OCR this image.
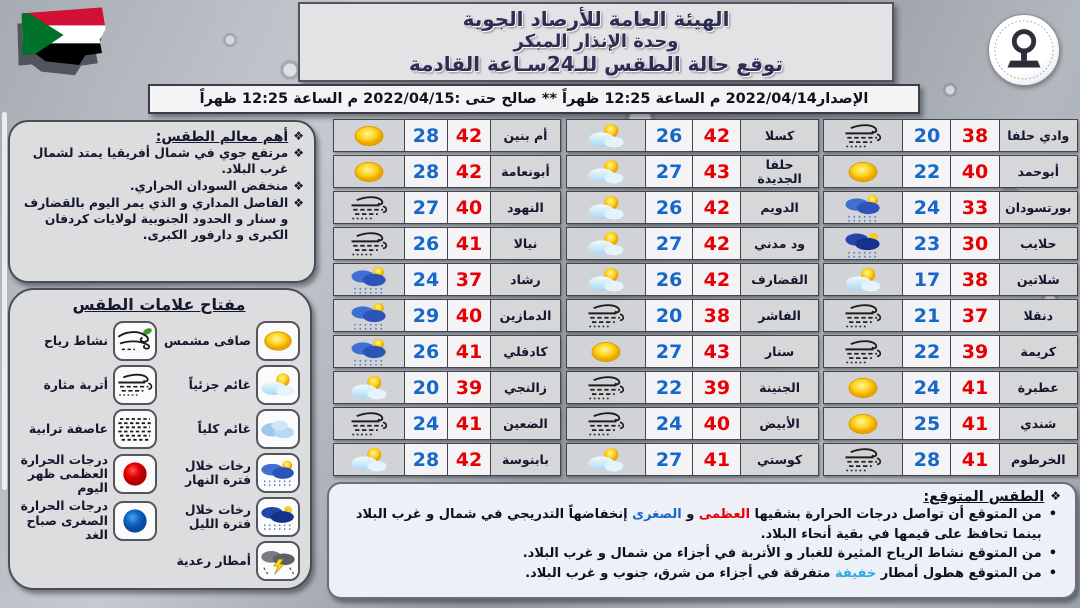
الهيئة العامة للأرصاد الجوية
وحدة الإنذار المبكر
توقع حالة الطقس للـ24سـاعة القادمة
الإصدار2022/04/14 م الساعة 12:25 ظهراً ** صالح حتى :2022/04/15 م الساعة 12:25 ظهراً
❖
أهم معالم الطقس:
❖
مرتفع جوي في شمال أفريقيا يمتد لشمال غرب البلاد.
❖
منخفض السودان الحراري.
❖
الفاصل المداري و الذي يمر اليوم بالقضارف و سنار و الحدود الجنوبية لولايات كردفان الكبرى و دارفور الكبرى.
مفتاح علامات الطقس
صافى مشمس
غائم جزئياً
غائم كلياً
رخات خلال فترة النهار
رخات خلال فترة الليل
أمطار رعدية
نشاط رياح
أتربة مثارة
عاصفة ترابية
درجات الحرارة العظمى ظهر اليوم
درجات الحرارة الصغرى صباح الغد
28 42	أم بنين
28 42	أبونعامة
27 40	النهود
26 41	نيالا
24 37	رشاد
29 40	الدمازين
26 41	كادقلي
20 39	زالنجي
24 41	الضعين
28 42	بابنوسة
26	42	كسلا
27	43	حلفا الجديدة
26	42	الدويم
27	42	ود مدني
26	42	القضارف
20	38	الفاشر
27	43	سنار
22	39	الجنينة
24	40	الأبيض
27	41	كوستي
20	38	وادي حلفا
22	40	أبوحمد
24	33	بورتسودان
23	30	حلايب
17	38	شلاتين
21	37	دنقلا
22	39	كريمة
24	41	عطبرة
25	41	شندي
28	41	الخرطوم
❖
الطقس المتوقع:
•
من المتوقع أن تواصل درجات الحرارة بشقيها العظمى و الصغرى إنخفاضهاً التدريجي في شمال و غرب البلاد بينما تحافظ على قيمها في بقية أنحاء البلاد.
•
من المتوقع نشاط الرياح المثيرة للغبار و الأتربة في أجزاء من شمال و غرب البلاد.
•
من المتوقع هطول أمطار خفيفة متفرقة في أجزاء من شرق، جنوب و غرب البلاد.
